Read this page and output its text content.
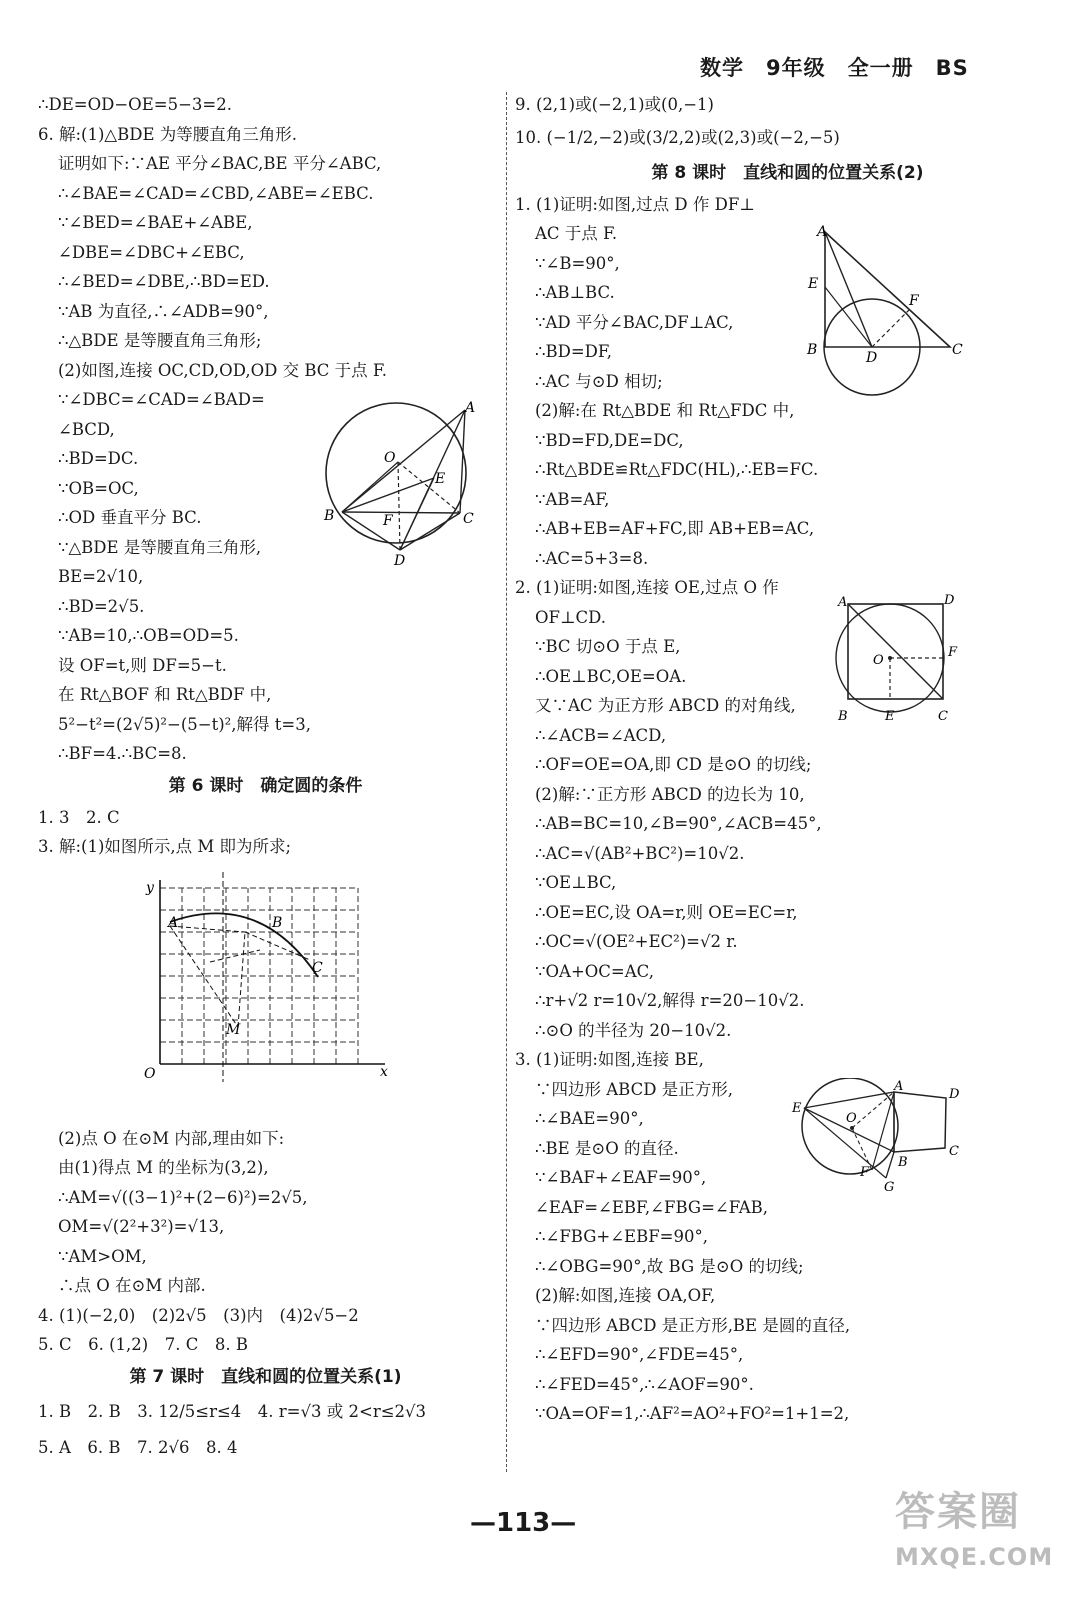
数学　9年级　全一册　BS
∴DE=OD−OE=5−3=2.
6. 解:(1)△BDE 为等腰直角三角形.
证明如下:∵AE 平分∠BAC,BE 平分∠ABC,
∴∠BAE=∠CAD=∠CBD,∠ABE=∠EBC.
∵∠BED=∠BAE+∠ABE,
∠DBE=∠DBC+∠EBC,
∴∠BED=∠DBE,∴BD=ED.
∵AB 为直径,∴∠ADB=90°,
∴△BDE 是等腰直角三角形;
(2)如图,连接 OC,CD,OD,OD 交 BC 于点 F.
∵∠DBC=∠CAD=∠BAD=
∠BCD,
∴BD=DC.
∵OB=OC,
∴OD 垂直平分 BC.
∵△BDE 是等腰直角三角形,
BE=2√10,
∴BD=2√5.
∵AB=10,∴OB=OD=5.
设 OF=t,则 DF=5−t.
在 Rt△BOF 和 Rt△BDF 中,
5²−t²=(2√5)²−(5−t)²,解得 t=3,
∴BF=4.∴BC=8.
第 6 课时　确定圆的条件
1. 3　2. C
3. 解:(1)如图所示,点 M 即为所求;
(2)点 O 在⊙M 内部,理由如下:
由(1)得点 M 的坐标为(3,2),
∴AM=√((3−1)²+(2−6)²)=2√5,
OM=√(2²+3²)=√13,
∵AM>OM,
∴点 O 在⊙M 内部.
4. (1)(−2,0)　(2)2√5　(3)内　(4)2√5−2
5. C　6. (1,2)　7. C　8. B
第 7 课时　直线和圆的位置关系(1)
1. B　2. B　3. 12/5≤r≤4　4. r=√3 或 2<r≤2√3
5. A　6. B　7. 2√6　8. 4
9. (2,1)或(−2,1)或(0,−1)
10. (−1/2,−2)或(3/2,2)或(2,3)或(−2,−5)
第 8 课时　直线和圆的位置关系(2)
1. (1)证明:如图,过点 D 作 DF⊥
AC 于点 F.
∵∠B=90°,
∴AB⊥BC.
∵AD 平分∠BAC,DF⊥AC,
∴BD=DF,
∴AC 与⊙D 相切;
(2)解:在 Rt△BDE 和 Rt△FDC 中,
∵BD=FD,DE=DC,
∴Rt△BDE≌Rt△FDC(HL),∴EB=FC.
∵AB=AF,
∴AB+EB=AF+FC,即 AB+EB=AC,
∴AC=5+3=8.
2. (1)证明:如图,连接 OE,过点 O 作
OF⊥CD.
∵BC 切⊙O 于点 E,
∴OE⊥BC,OE=OA.
又∵AC 为正方形 ABCD 的对角线,
∴∠ACB=∠ACD,
∴OF=OE=OA,即 CD 是⊙O 的切线;
(2)解:∵正方形 ABCD 的边长为 10,
∴AB=BC=10,∠B=90°,∠ACB=45°,
∴AC=√(AB²+BC²)=10√2.
∵OE⊥BC,
∴OE=EC,设 OA=r,则 OE=EC=r,
∴OC=√(OE²+EC²)=√2 r.
∵OA+OC=AC,
∴r+√2 r=10√2,解得 r=20−10√2.
∴⊙O 的半径为 20−10√2.
3. (1)证明:如图,连接 BE,
∵四边形 ABCD 是正方形,
∴∠BAE=90°,
∴BE 是⊙O 的直径.
∵∠BAF+∠EAF=90°,
∠EAF=∠EBF,∠FBG=∠FAB,
∴∠FBG+∠EBF=90°,
∴∠OBG=90°,故 BG 是⊙O 的切线;
(2)解:如图,连接 OA,OF,
∵四边形 ABCD 是正方形,BE 是圆的直径,
∴∠EFD=90°,∠FDE=45°,
∴∠FED=45°,∴∠AOF=90°.
∵OA=OF=1,∴AF²=AO²+FO²=1+1=2,
A
B	C
D
E
F
O
y
x
O
A	B
C
M
A
B	C
D
E
F
A	D
B	C
E
F
O
A
D
C
B
E
F
G
O
—113—	答案圈
MXQE.COM
